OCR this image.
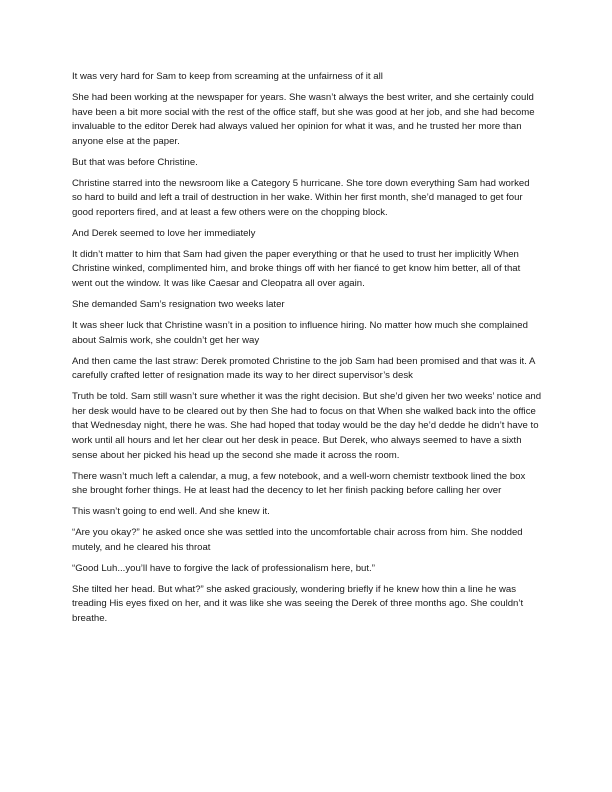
It was very hard for Sam to keep from screaming at the unfairness of it all

She had been working at the newspaper for years. She wasn’t always the best writer, and she certainly could have been a bit more social with the rest of the office staff, but she was good at her job, and she had become invaluable to the editor Derek had always valued her opinion for what it was, and he trusted her more than anyone else at the paper.

But that was before Christine.

Christine starred into the newsroom like a Category 5 hurricane. She tore down everything Sam had worked so hard to build and left a trail of destruction in her wake. Within her first month, she’d managed to get four good reporters fired, and at least a few others were on the chopping block.

And Derek seemed to love her immediately

It didn’t matter to him that Sam had given the paper everything or that he used to trust her implicitly When Christine winked, complimented him, and broke things off with her fiancé to get know him better, all of that went out the window. It was like Caesar and Cleopatra all over again.

She demanded Sam’s resignation two weeks later

It was sheer luck that Christine wasn’t in a position to influence hiring. No matter how much she complained about Salmis work, she couldn’t get her way

And then came the last straw: Derek promoted Christine to the job Sam had been promised and that was it. A carefully crafted letter of resignation made its way to her direct supervisor’s desk

Truth be told. Sam still wasn’t sure whether it was the right decision. But she’d given her two weeks’ notice and her desk would have to be cleared out by then She had to focus on that When she walked back into the office that Wednesday night, there he was. She had hoped that today would be the day he’d dedde he didn’t have to work until all hours and let her clear out her desk in peace. But Derek, who always seemed to have a sixth sense about her picked his head up the second she made it across the room.

There wasn’t much left a calendar, a mug, a few notebook, and a well-worn chemistr textbook lined the box she brought forher things. He at least had the decency to let her finish packing before calling her over

This wasn’t going to end well. And she knew it.

“Are you okay?” he asked once she was settled into the uncomfortable chair across from him. She nodded mutely, and he cleared his throat

“Good Luh...you’ll have to forgive the lack of professionalism here, but.”

She tilted her head. But what?” she asked graciously, wondering briefly if he knew how thin a line he was treading His eyes fixed on her, and it was like she was seeing the Derek of three months ago. She couldn’t breathe.
